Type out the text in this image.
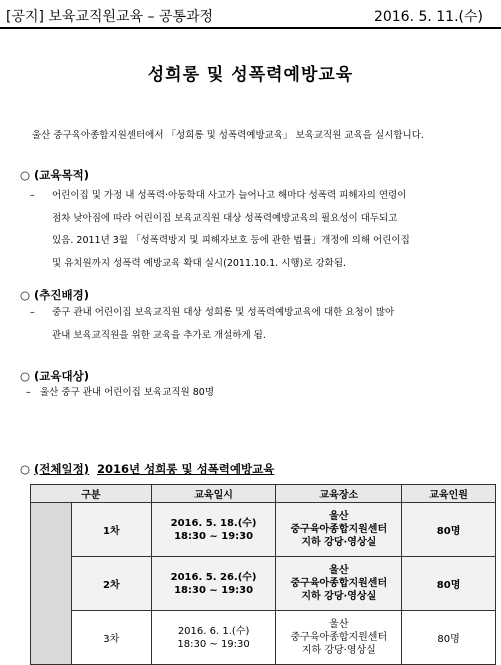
[공지] 보육교직원교육 – 공통과정	2016. 5. 11.(수)
성희롱 및 성폭력예방교육
울산 중구육아종합지원센터에서 「성희롱 및 성폭력예방교육」 보육교직원 교육을 실시합니다.
○ (교육목적)
– 어린이집 및 가정 내 성폭력·아동학대 사고가 늘어나고 해마다 성폭력 피해자의 연령이
점차 낮아짐에 따라 어린이집 보육교직원 대상 성폭력예방교육의 필요성이 대두되고
있음. 2011년 3월 「성폭력방지 및 피해자보호 등에 관한 법률」개정에 의해 어린이집
및 유치원까지 성폭력 예방교육 확대 실시(2011.10.1. 시행)로 강화됨.
○ (추진배경)
– 중구 관내 어린이집 보육교직원 대상 성희롱 및 성폭력예방교육에 대한 요청이 많아
관내 보육교직원을 위한 교육을 추가로 개설하게 됨.
○ (교육대상)
– 울산 중구 관내 어린이집 보육교직원 80명
○ (전체일정) 2016년 성희롱 및 성폭력예방교육
구분		교육일시	교육장소	교육인원
	1차	2016. 5. 18.(수)
18:30 ~ 19:30	울산
중구육아종합지원센터
지하 강당·영상실	80명
	2차	2016. 5. 26.(수)
18:30 ~ 19:30	울산
중구육아종합지원센터
지하 강당·영상실	80명
	3차	2016. 6. 1.(수)
18:30 ~ 19:30	울산
중구육아종합지원센터
지하 강당·영상실	80명
